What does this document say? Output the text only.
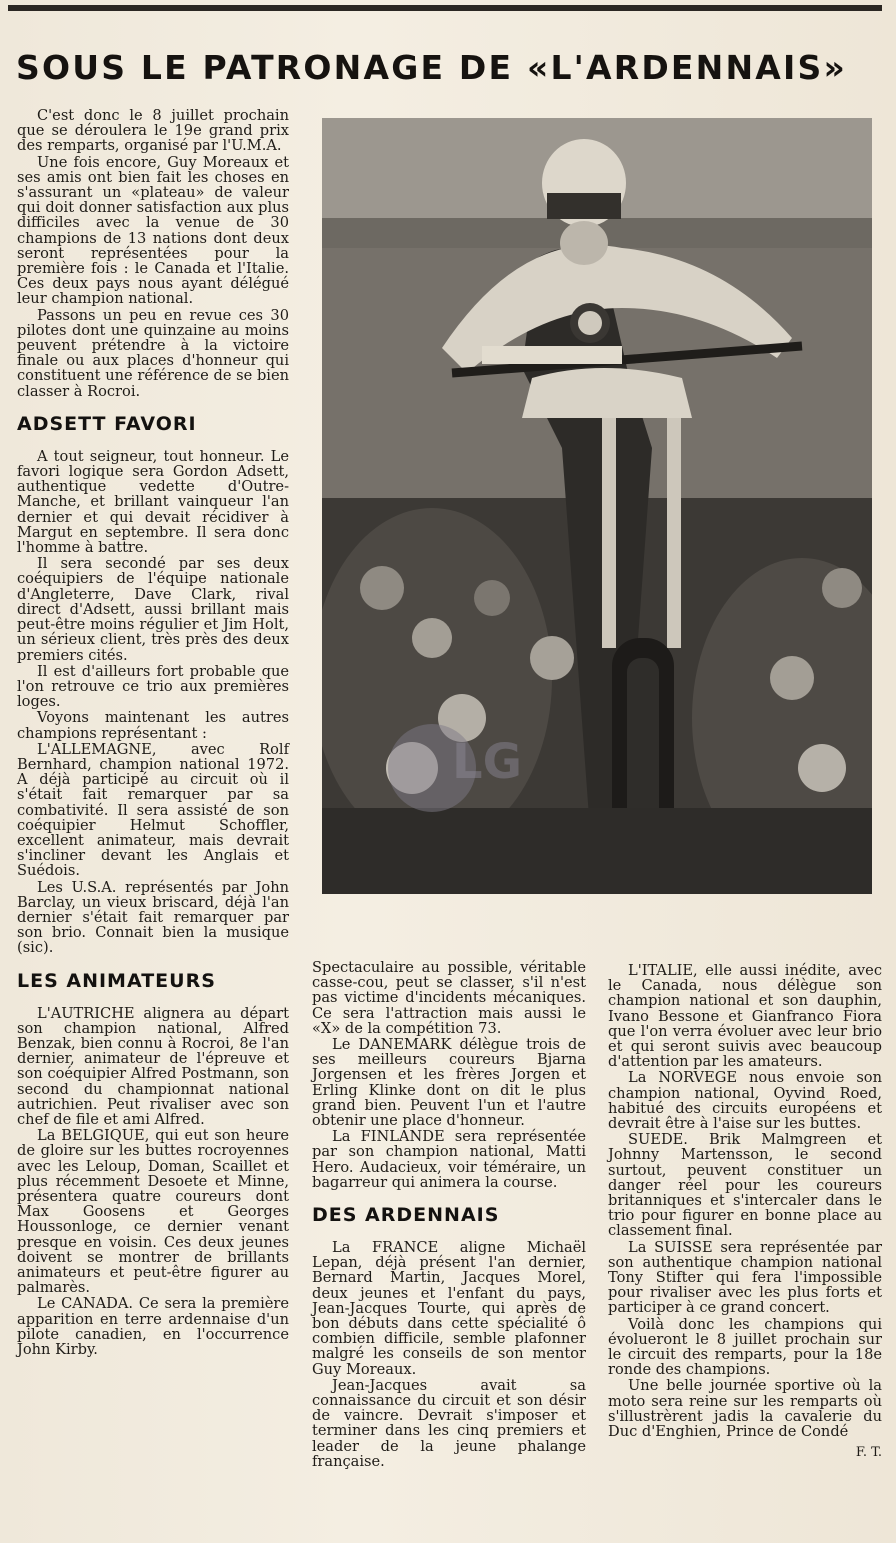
SOUS LE PATRONAGE DE «L'ARDENNAIS»

C'est donc le 8 juillet prochain que se déroulera le 19e grand prix des remparts, organisé par l'U.M.A.

Une fois encore, Guy Moreaux et ses amis ont bien fait les choses en s'assurant un «plateau» de valeur qui doit donner satisfaction aux plus difficiles avec la venue de 30 champions de 13 nations dont deux seront représentées pour la première fois : le Canada et l'Italie. Ces deux pays nous ayant délégué leur champion national.

Passons un peu en revue ces 30 pilotes dont une quinzaine au moins peuvent prétendre à la victoire finale ou aux places d'honneur qui constituent une référence de se bien classer à Rocroi.

ADSETT FAVORI

A tout seigneur, tout honneur. Le favori logique sera Gordon Adsett, authentique vedette d'Outre-Manche, et brillant vainqueur l'an dernier et qui devait récidiver à Margut en septembre. Il sera donc l'homme à battre.

Il sera secondé par ses deux coéquipiers de l'équipe nationale d'Angleterre, Dave Clark, rival direct d'Adsett, aussi brillant mais peut-être moins régulier et Jim Holt, un sérieux client, très près des deux premiers cités.

Il est d'ailleurs fort probable que l'on retrouve ce trio aux premières loges.

Voyons maintenant les autres champions représentant :

L'ALLEMAGNE, avec Rolf Bernhard, champion national 1972. A déjà participé au circuit où il s'était fait remarquer par sa combativité. Il sera assisté de son coéquipier Helmut Schoffler, excellent animateur, mais devrait s'incliner devant les Anglais et Suédois.

Les U.S.A. représentés par John Barclay, un vieux briscard, déjà l'an dernier s'était fait remarquer par son brio. Connait bien la musique (sic).

LES ANIMATEURS

L'AUTRICHE alignera au départ son champion national, Alfred Benzak, bien connu à Rocroi, 8e l'an dernier, animateur de l'épreuve et son coéquipier Alfred Postmann, son second du championnat national autrichien. Peut rivaliser avec son chef de file et ami Alfred.

La BELGIQUE, qui eut son heure de gloire sur les buttes rocroyennes avec les Leloup, Doman, Scaillet et plus récemment Desoete et Minne, présentera quatre coureurs dont Max Goosens et Georges Houssonloge, ce dernier venant presque en voisin. Ces deux jeunes doivent se montrer de brillants animateurs et peut-être figurer au palmarès.

Le CANADA. Ce sera la première apparition en terre ardennaise d'un pilote canadien, en l'occurrence John Kirby.

LG

Spectaculaire au possible, véritable casse-cou, peut se classer, s'il n'est pas victime d'incidents mécaniques. Ce sera l'attraction mais aussi le «X» de la compétition 73.

Le DANEMARK délègue trois de ses meilleurs coureurs Bjarna Jorgensen et les frères Jorgen et Erling Klinke dont on dit le plus grand bien. Peuvent l'un et l'autre obtenir une place d'honneur.

La FINLANDE sera représentée par son champion national, Matti Hero. Audacieux, voir téméraire, un bagarreur qui animera la course.

DES ARDENNAIS

La FRANCE aligne Michaël Lepan, déjà présent l'an dernier, Bernard Martin, Jacques Morel, deux jeunes et l'enfant du pays, Jean-Jacques Tourte, qui après de bon débuts dans cette spécialité ô combien difficile, semble plafonner malgré les conseils de son mentor Guy Moreaux.

Jean-Jacques avait sa connaissance du circuit et son désir de vaincre. Devrait s'imposer et terminer dans les cinq premiers et leader de la jeune phalange française.

L'ITALIE, elle aussi inédite, avec le Canada, nous délègue son champion national et son dauphin, Ivano Bessone et Gianfranco Fiora que l'on verra évoluer avec leur brio et qui seront suivis avec beaucoup d'attention par les amateurs.

La NORVEGE nous envoie son champion national, Oyvind Roed, habitué des circuits européens et devrait être à l'aise sur les buttes.

SUEDE. Brik Malmgreen et Johnny Martensson, le second surtout, peuvent constituer un danger réel pour les coureurs britanniques et s'intercaler dans le trio pour figurer en bonne place au classement final.

La SUISSE sera représentée par son authentique champion national Tony Stifter qui fera l'impossible pour rivaliser avec les plus forts et participer à ce grand concert.

Voilà donc les champions qui évolueront le 8 juillet prochain sur le circuit des remparts, pour la 18e ronde des champions.

Une belle journée sportive où la moto sera reine sur les remparts où s'illustrèrent jadis la cavalerie du Duc d'Enghien, Prince de Condé

F. T.
